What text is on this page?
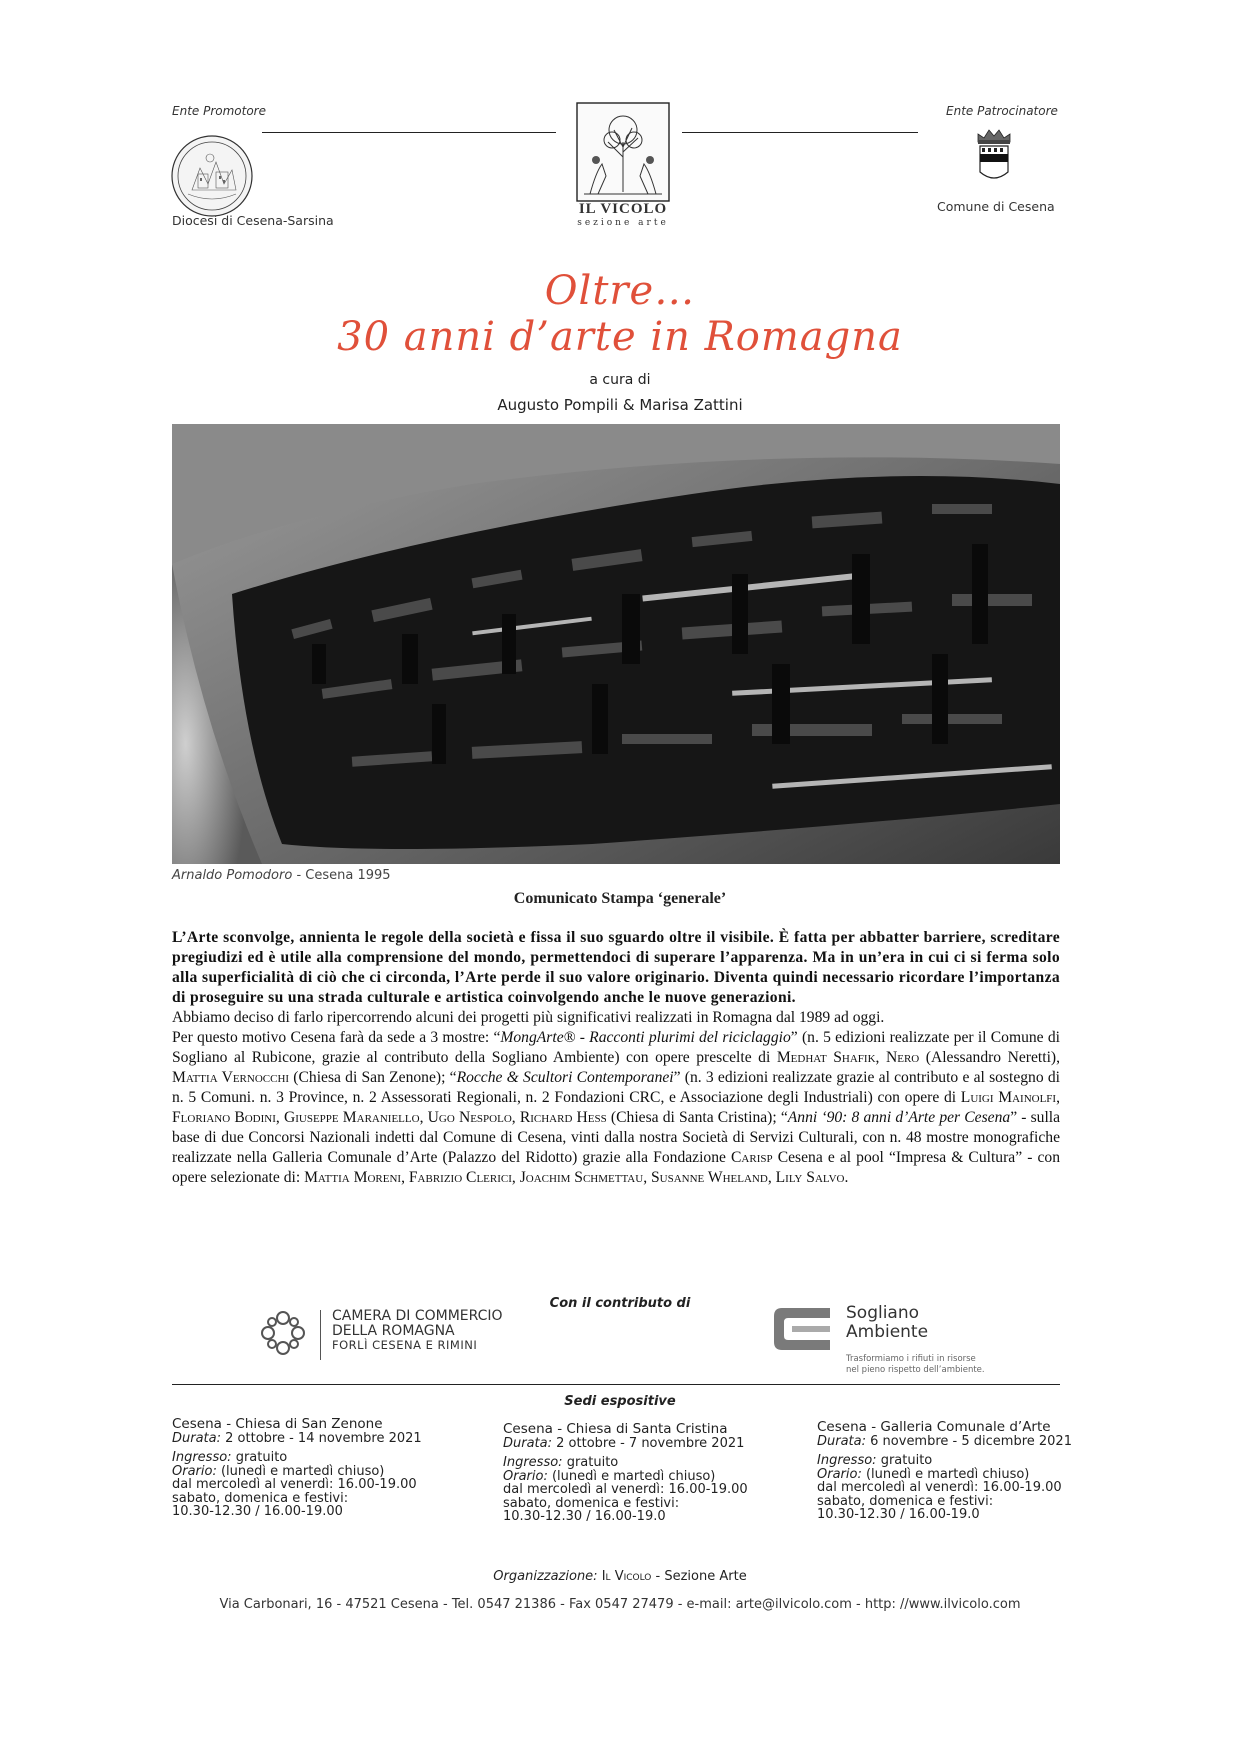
Ente Promotore
Diocesi di Cesena-Sarsina
IL VICOLO
sezione arte
Ente Patrocinatore
Comune di Cesena
Oltre…
30 anni d’arte in Romagna
a cura di
Augusto Pompili & Marisa Zattini
Arnaldo Pomodoro - Cesena 1995
Comunicato Stampa ‘generale’

L’Arte sconvolge, annienta le regole della società e fissa il suo sguardo oltre il visibile. È fatta per abbatter barriere, screditare pregiudizi ed è utile alla comprensione del mondo, permettendoci di superare l’apparenza. Ma in un’era in cui ci si ferma solo alla superficialità di ciò che ci circonda, l’Arte perde il suo valore originario. Diventa quindi necessario ricordare l’importanza di proseguire su una strada culturale e artistica coinvolgendo anche le nuove generazioni.

Abbiamo deciso di farlo ripercorrendo alcuni dei progetti più significativi realizzati in Romagna dal 1989 ad oggi.

Per questo motivo Cesena farà da sede a 3 mostre: “MongArte® - Racconti plurimi del riciclaggio” (n. 5 edizioni realizzate per il Comune di Sogliano al Rubicone, grazie al contributo della Sogliano Ambiente) con opere prescelte di Medhat Shafik, Nero (Alessandro Neretti), Mattia Vernocchi (Chiesa di San Zenone); “Rocche & Scultori Contemporanei” (n. 3 edizioni realizzate grazie al contributo e al sostegno di n. 5 Comuni. n. 3 Province, n. 2 Assessorati Regionali, n. 2 Fondazioni CRC, e Associazione degli Industriali) con opere di Luigi Mainolfi, Floriano Bodini, Giuseppe Maraniello, Ugo Nespolo, Richard Hess (Chiesa di Santa Cristina); “Anni ‘90: 8 anni d’Arte per Cesena” - sulla base di due Concorsi Nazionali indetti dal Comune di Cesena, vinti dalla nostra Società di Servizi Culturali, con n. 48 mostre monografiche realizzate nella Galleria Comunale d’Arte (Palazzo del Ridotto) grazie alla Fondazione Carisp Cesena e al pool “Impresa & Cultura” - con opere selezionate di: Mattia Moreni, Fabrizio Clerici, Joachim Schmettau, Susanne Wheland, Lily Salvo.

Con il contributo di
CAMERA DI COMMERCIO
DELLA ROMAGNA
FORLÌ CESENA E RIMINI
Sogliano
Ambiente
Trasformiamo i rifiuti in risorse
nel pieno rispetto dell’ambiente.
Sedi espositive
Cesena - Chiesa di San Zenone
Durata: 2 ottobre - 14 novembre 2021
Ingresso: gratuito
Orario: (lunedì e martedì chiuso)
dal mercoledì al venerdì: 16.00-19.00
sabato, domenica e festivi:
10.30-12.30 / 16.00-19.00
Cesena - Chiesa di Santa Cristina
Durata: 2 ottobre - 7 novembre 2021
Ingresso: gratuito
Orario: (lunedì e martedì chiuso)
dal mercoledì al venerdì: 16.00-19.00
sabato, domenica e festivi:
10.30-12.30 / 16.00-19.0
Cesena - Galleria Comunale d’Arte
Durata: 6 novembre - 5 dicembre 2021
Ingresso: gratuito
Orario: (lunedì e martedì chiuso)
dal mercoledì al venerdì: 16.00-19.00
sabato, domenica e festivi:
10.30-12.30 / 16.00-19.0
Organizzazione: Il Vicolo - Sezione Arte
Via Carbonari, 16 - 47521 Cesena - Tel. 0547 21386 - Fax 0547 27479 - e-mail: arte@ilvicolo.com - http: //www.ilvicolo.com
